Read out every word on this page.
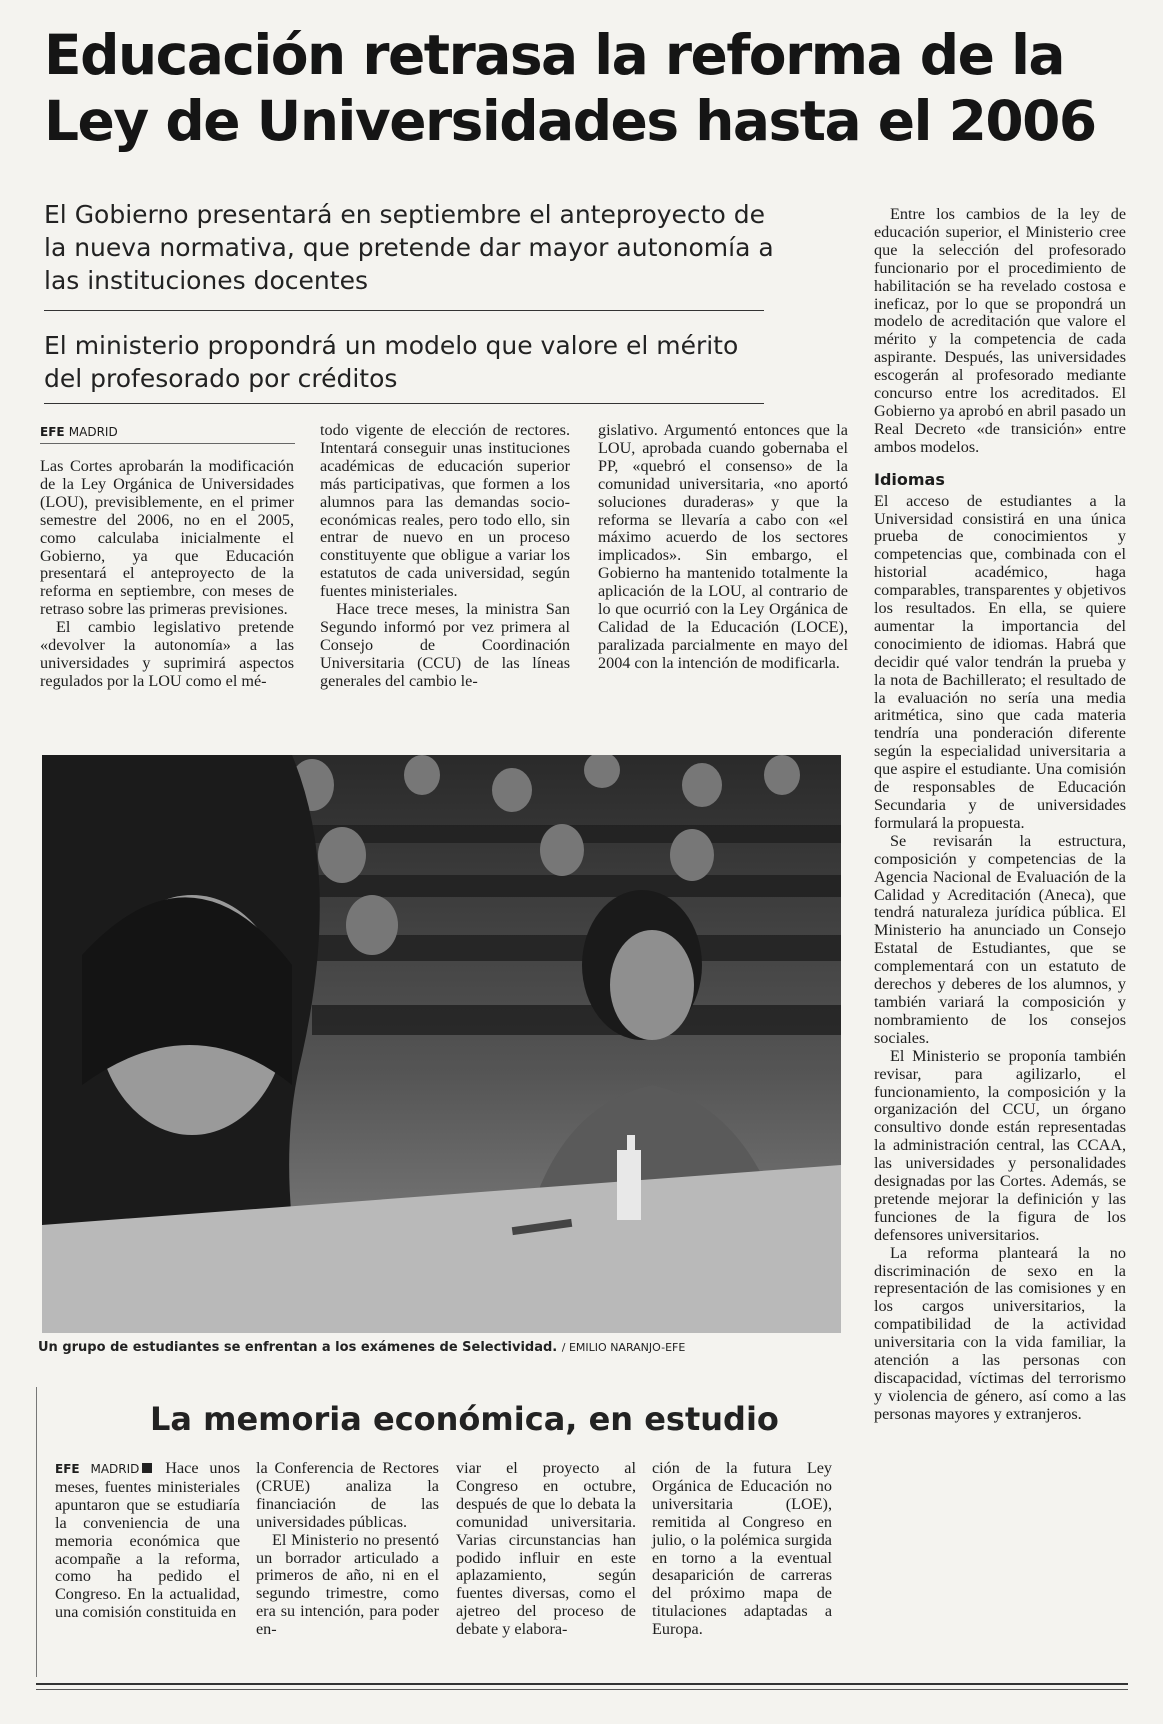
Educación retrasa la reforma de la
Ley de Universidades hasta el 2006

El Gobierno presentará en septiembre el anteproyecto de la nueva normativa, que pretende dar mayor autonomía a las instituciones docentes

El ministerio propondrá un modelo que valore el mérito del profesorado por créditos

EFE MADRID
Las Cortes aprobarán la modificación de la Ley Orgánica de Universidades (LOU), previsiblemente, en el primer semestre del 2006, no en el 2005, como calculaba inicialmente el Gobierno, ya que Educación presentará el anteproyecto de la reforma en septiembre, con meses de retraso sobre las primeras previsiones.
El cambio legislativo pretende «devolver la autonomía» a las universidades y suprimirá aspectos regulados por la LOU como el mé-
todo vigente de elección de rectores. Intentará conseguir unas instituciones académicas de educación superior más participativas, que formen a los alumnos para las demandas socio-económicas reales, pero todo ello, sin entrar de nuevo en un proceso constituyente que obligue a variar los estatutos de cada universidad, según fuentes ministeriales.
Hace trece meses, la ministra San Segundo informó por vez primera al Consejo de Coordinación Universitaria (CCU) de las líneas generales del cambio le-
gislativo. Argumentó entonces que la LOU, aprobada cuando gobernaba el PP, «quebró el consenso» de la comunidad universitaria, «no aportó soluciones duraderas» y que la reforma se llevaría a cabo con «el máximo acuerdo de los sectores implicados». Sin embargo, el Gobierno ha mantenido totalmente la aplicación de la LOU, al contrario de lo que ocurrió con la Ley Orgánica de Calidad de la Educación (LOCE), paralizada parcialmente en mayo del 2004 con la intención de modificarla.
Entre los cambios de la ley de educación superior, el Ministerio cree que la selección del profesorado funcionario por el procedimiento de habilitación se ha revelado costosa e ineficaz, por lo que se propondrá un modelo de acreditación que valore el mérito y la competencia de cada aspirante. Después, las universidades escogerán al profesorado mediante concurso entre los acreditados. El Gobierno ya aprobó en abril pasado un Real Decreto «de transición» entre ambos modelos.
Idiomas
El acceso de estudiantes a la Universidad consistirá en una única prueba de conocimientos y competencias que, combinada con el historial académico, haga comparables, transparentes y objetivos los resultados. En ella, se quiere aumentar la importancia del conocimiento de idiomas. Habrá que decidir qué valor tendrán la prueba y la nota de Bachillerato; el resultado de la evaluación no sería una media aritmética, sino que cada materia tendría una ponderación diferente según la especialidad universitaria a que aspire el estudiante. Una comisión de responsables de Educación Secundaria y de universidades formulará la propuesta.
Se revisarán la estructura, composición y competencias de la Agencia Nacional de Evaluación de la Calidad y Acreditación (Aneca), que tendrá naturaleza jurídica pública. El Ministerio ha anunciado un Consejo Estatal de Estudiantes, que se complementará con un estatuto de derechos y deberes de los alumnos, y también variará la composición y nombramiento de los consejos sociales.
El Ministerio se proponía también revisar, para agilizarlo, el funcionamiento, la composición y la organización del CCU, un órgano consultivo donde están representadas la administración central, las CCAA, las universidades y personalidades designadas por las Cortes. Además, se pretende mejorar la definición y las funciones de la figura de los defensores universitarios.
La reforma planteará la no discriminación de sexo en la representación de las comisiones y en los cargos universitarios, la compatibilidad de la actividad universitaria con la vida familiar, la atención a las personas con discapacidad, víctimas del terrorismo y violencia de género, así como a las personas mayores y extranjeros.
Un grupo de estudiantes se enfrentan a los exámenes de Selectividad. / EMILIO NARANJO-EFE
La memoria económica, en estudio
EFE MADRID Hace unos meses, fuentes ministeriales apuntaron que se estudiaría la conveniencia de una memoria económica que acompañe a la reforma, como ha pedido el Congreso. En la actualidad, una comisión constituida en
la Conferencia de Rectores (CRUE) analiza la financiación de las universidades públicas.
El Ministerio no presentó un borrador articulado a primeros de año, ni en el segundo trimestre, como era su intención, para poder en-
viar el proyecto al Congreso en octubre, después de que lo debata la comunidad universitaria. Varias circunstancias han podido influir en este aplazamiento, según fuentes diversas, como el ajetreo del proceso de debate y elabora-
ción de la futura Ley Orgánica de Educación no universitaria (LOE), remitida al Congreso en julio, o la polémica surgida en torno a la eventual desaparición de carreras del próximo mapa de titulaciones adaptadas a Europa.
